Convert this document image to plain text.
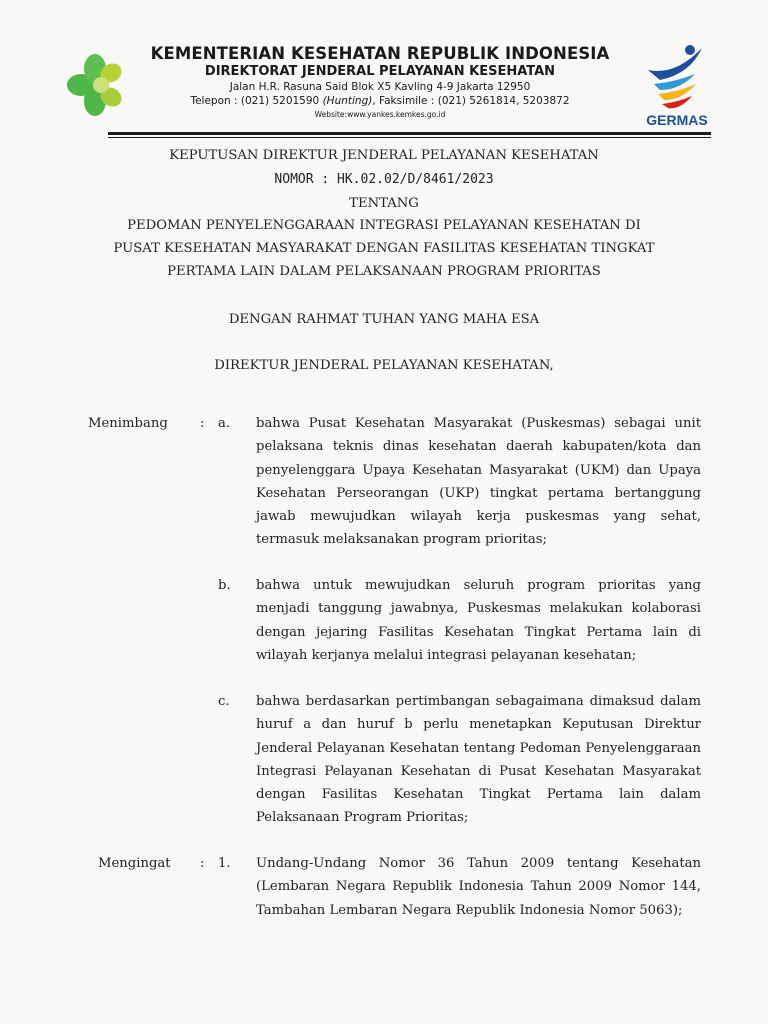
KEMENTERIAN KESEHATAN REPUBLIK INDONESIA
DIREKTORAT JENDERAL PELAYANAN KESEHATAN
Jalan H.R. Rasuna Said Blok X5 Kavling 4-9 Jakarta 12950
Telepon : (021) 5201590 (Hunting), Faksimile : (021) 5261814, 5203872
Website:www.yankes.kemkes.go.id	GERMAS
KEPUTUSAN DIREKTUR JENDERAL PELAYANAN KESEHATAN
NOMOR : HK.02.02/D/8461/2023
TENTANG
PEDOMAN PENYELENGGARAAN INTEGRASI PELAYANAN KESEHATAN DI
PUSAT KESEHATAN MASYARAKAT DENGAN FASILITAS KESEHATAN TINGKAT
PERTAMA LAIN DALAM PELAKSANAAN PROGRAM PRIORITAS
DENGAN RAHMAT TUHAN YANG MAHA ESA
DIREKTUR JENDERAL PELAYANAN KESEHATAN,
Menimbang : a. bahwa Pusat Kesehatan Masyarakat (Puskesmas) sebagai unit pelaksana teknis dinas kesehatan daerah kabupaten/kota dan penyelenggara Upaya Kesehatan Masyarakat (UKM) dan Upaya Kesehatan Perseorangan (UKP) tingkat pertama bertanggung jawab mewujudkan wilayah kerja puskesmas yang sehat, termasuk melaksanakan program prioritas;
b. bahwa untuk mewujudkan seluruh program prioritas yang menjadi tanggung jawabnya, Puskesmas melakukan kolaborasi dengan jejaring Fasilitas Kesehatan Tingkat Pertama lain di wilayah kerjanya melalui integrasi pelayanan kesehatan;
c. bahwa berdasarkan pertimbangan sebagaimana dimaksud dalam huruf a dan huruf b perlu menetapkan Keputusan Direktur Jenderal Pelayanan Kesehatan tentang Pedoman Penyelenggaraan Integrasi Pelayanan Kesehatan di Pusat Kesehatan Masyarakat dengan Fasilitas Kesehatan Tingkat Pertama lain dalam Pelaksanaan Program Prioritas;
Mengingat : 1. Undang-Undang Nomor 36 Tahun 2009 tentang Kesehatan (Lembaran Negara Republik Indonesia Tahun 2009 Nomor 144, Tambahan Lembaran Negara Republik Indonesia Nomor 5063);
